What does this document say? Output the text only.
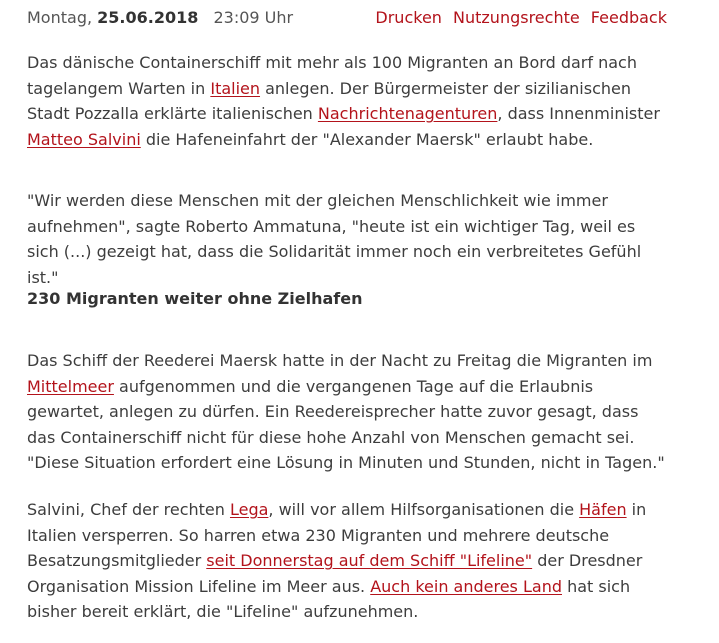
Montag, 25.06.2018 23:09 Uhr	Drucken Nutzungsrechte Feedback

Das dänische Containerschiff mit mehr als 100 Migranten an Bord darf nach tagelangem Warten in Italien anlegen. Der Bürgermeister der sizilianischen Stadt Pozzalla erklärte italienischen Nachrichtenagenturen, dass Innenminister Matteo Salvini die Hafeneinfahrt der "Alexander Maersk" erlaubt habe.

"Wir werden diese Menschen mit der gleichen Menschlichkeit wie immer aufnehmen", sagte Roberto Ammatuna, "heute ist ein wichtiger Tag, weil es sich (...) gezeigt hat, dass die Solidarität immer noch ein verbreitetes Gefühl ist."

230 Migranten weiter ohne Zielhafen

Das Schiff der Reederei Maersk hatte in der Nacht zu Freitag die Migranten im Mittelmeer aufgenommen und die vergangenen Tage auf die Erlaubnis gewartet, anlegen zu dürfen. Ein Reedereisprecher hatte zuvor gesagt, dass das Containerschiff nicht für diese hohe Anzahl von Menschen gemacht sei. "Diese Situation erfordert eine Lösung in Minuten und Stunden, nicht in Tagen."

Salvini, Chef der rechten Lega, will vor allem Hilfsorganisationen die Häfen in Italien versperren. So harren etwa 230 Migranten und mehrere deutsche Besatzungsmitglieder seit Donnerstag auf dem Schiff "Lifeline" der Dresdner Organisation Mission Lifeline im Meer aus. Auch kein anderes Land hat sich bisher bereit erklärt, die "Lifeline" aufzunehmen.
